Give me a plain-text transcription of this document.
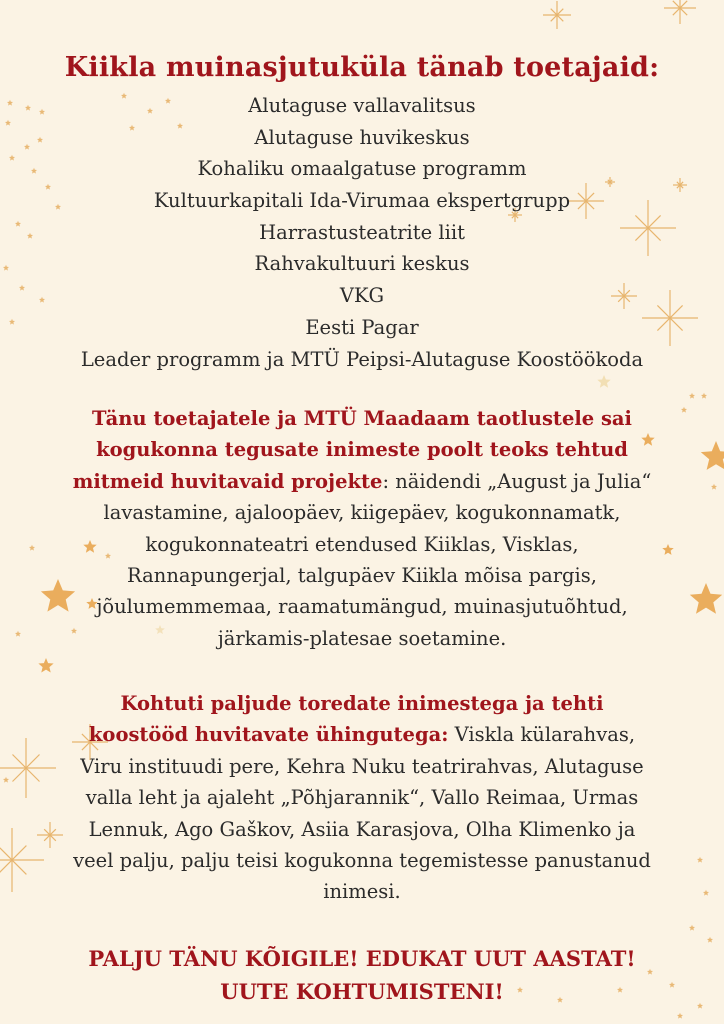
Kiikla muinasjutuküla tänab toetajaid:
Alutaguse vallavalitsus
Alutaguse huvikeskus
Kohaliku omaalgatuse programm
Kultuurkapitali Ida-Virumaa ekspertgrupp
Harrastusteatrite liit
Rahvakultuuri keskus
VKG
Eesti Pagar
Leader programm ja MTÜ Peipsi-Alutaguse Koostöökoda
Tänu toetajatele ja MTÜ Maadaam taotlustele sai kogukonna tegusate inimeste poolt teoks tehtud mitmeid huvitavaid projekte: näidendi „August ja Julia“ lavastamine, ajaloopäev, kiigepäev, kogukonnamatk, kogukonnateatri etendused Kiiklas, Visklas, Rannapungerjal, talgupäev Kiikla mõisa pargis, jõulumemmemaa, raamatumängud, muinasjutuõhtud, järkamis-platesae soetamine.
Kohtuti paljude toredate inimestega ja tehti koostööd huvitavate ühingutega: Viskla külarahvas, Viru instituudi pere, Kehra Nuku teatrirahvas, Alutaguse valla leht ja ajaleht „Põhjarannik“, Vallo Reimaa, Urmas Lennuk, Ago Gaškov, Asiia Karasjova, Olha Klimenko ja veel palju, palju teisi kogukonna tegemistesse panustanud inimesi.
PALJU TÄNU KÕIGILE! EDUKAT UUT AASTAT!
UUTE KOHTUMISTENI!
